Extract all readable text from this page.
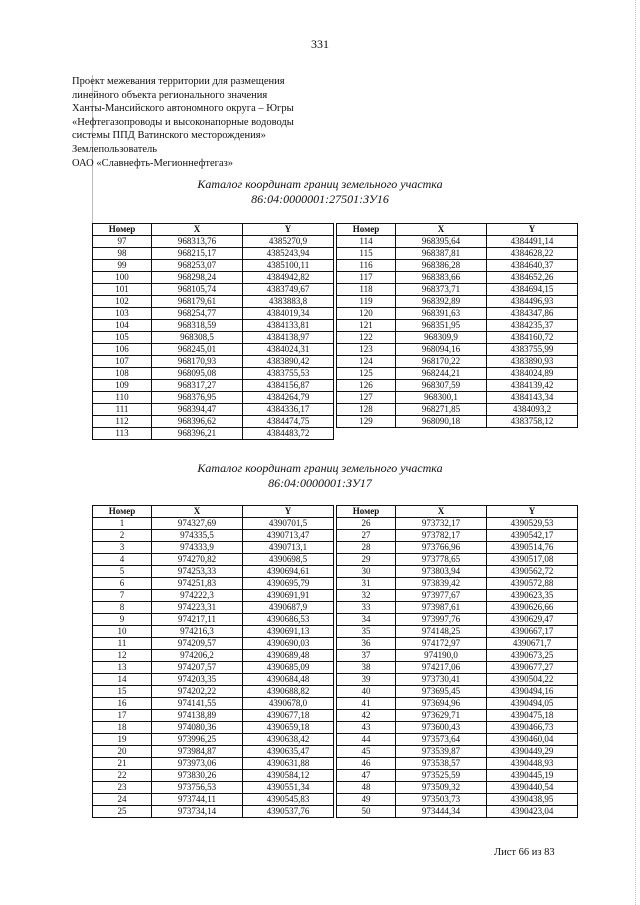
331
Проект межевания территории для размещения
линейного объекта регионального значения
Ханты-Мансийского автономного округа – Югры
«Нефтегазопроводы и высоконапорные водоводы
системы ППД Ватинского месторождения»
Землепользователь
ОАО «Славнефть-Мегионнефтегаз»
Каталог координат границ земельного участка
86:04:0000001:27501:ЗУ16
Номер	X	Y
97	968313,76	4385270,9
98	968215,17	4385243,94
99	968253,07	4385100,11
100	968298,24	4384942,82
101	968105,74	4383749,67
102	968179,61	4383883,8
103	968254,77	4384019,34
104	968318,59	4384133,81
105	968308,5	4384138,97
106	968245,01	4384024,31
107	968170,93	4383890,42
108	968095,08	4383755,53
109	968317,27	4384156,87
110	968376,95	4384264,79
111	968394,47	4384336,17
112	968396,62	4384474,75
113	968396,21	4384483,72
Номер	X	Y
114	968395,64	4384491,14
115	968387,81	4384628,22
116	968386,28	4384640,37
117	968383,66	4384652,26
118	968373,71	4384694,15
119	968392,89	4384496,93
120	968391,63	4384347,86
121	968351,95	4384235,37
122	968309,9	4384160,72
123	968094,16	4383755,99
124	968170,22	4383890,93
125	968244,21	4384024,89
126	968307,59	4384139,42
127	968300,1	4384143,34
128	968271,85	4384093,2
129	968090,18	4383758,12
Каталог координат границ земельного участка
86:04:0000001:ЗУ17
Номер	X	Y
1	974327,69	4390701,5
2	974335,5	4390713,47
3	974333,9	4390713,1
4	974270,82	4390698,5
5	974253,33	4390694,61
6	974251,83	4390695,79
7	974222,3	4390691,91
8	974223,31	4390687,9
9	974217,11	4390686,53
10	974216,3	4390691,13
11	974209,57	4390690,03
12	974206,2	4390689,48
13	974207,57	4390685,09
14	974203,35	4390684,48
15	974202,22	4390688,82
16	974141,55	4390678,0
17	974138,89	4390677,18
18	974080,36	4390659,18
19	973996,25	4390638,42
20	973984,87	4390635,47
21	973973,06	4390631,88
22	973830,26	4390584,12
23	973756,53	4390551,34
24	973744,11	4390545,83
25	973734,14	4390537,76
Номер	X	Y
26	973732,17	4390529,53
27	973782,17	4390542,17
28	973766,96	4390514,76
29	973778,65	4390517,08
30	973803,94	4390562,72
31	973839,42	4390572,88
32	973977,67	4390623,35
33	973987,61	4390626,66
34	973997,76	4390629,47
35	974148,25	4390667,17
36	974172,97	4390671,7
37	974190,0	4390673,25
38	974217,06	4390677,27
39	973730,41	4390504,22
40	973695,45	4390494,16
41	973694,96	4390494,05
42	973629,71	4390475,18
43	973600,43	4390466,73
44	973573,64	4390460,04
45	973539,87	4390449,29
46	973538,57	4390448,93
47	973525,59	4390445,19
48	973509,32	4390440,54
49	973503,73	4390438,95
50	973444,34	4390423,04
Лист 66 из 83
